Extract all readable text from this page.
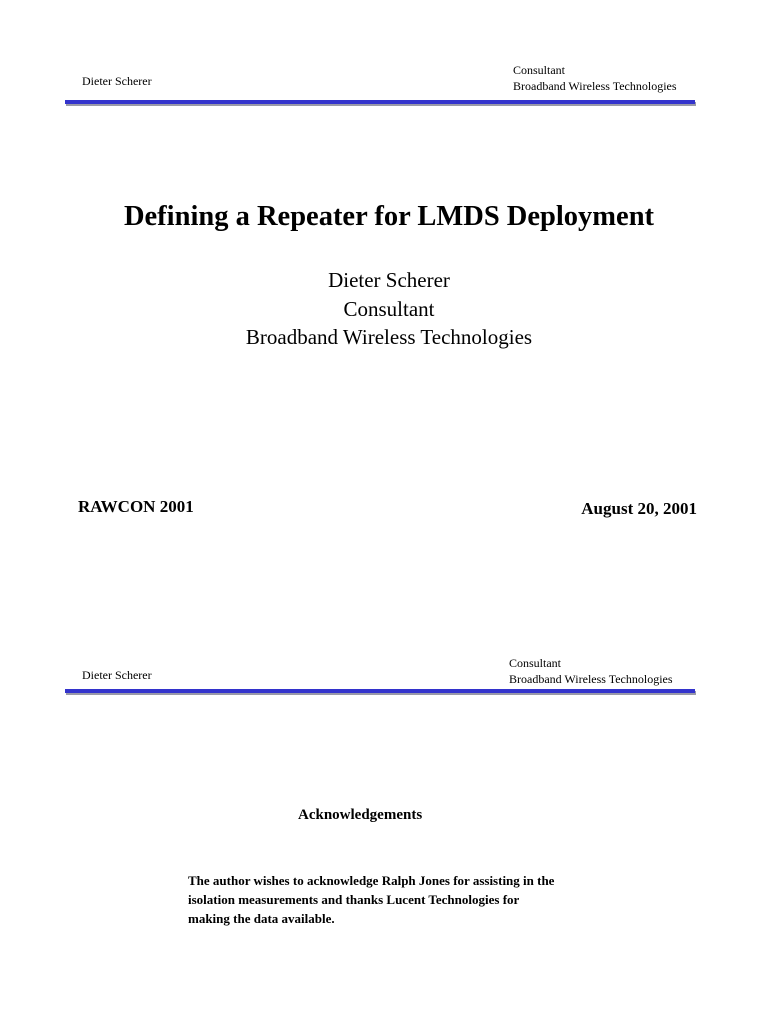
Dieter Scherer
Consultant
Broadband Wireless Technologies
Defining a Repeater for LMDS Deployment
Dieter Scherer
Consultant
Broadband Wireless Technologies
RAWCON 2001	August 20, 2001
Dieter Scherer
Consultant
Broadband Wireless Technologies
Acknowledgements
The author wishes to acknowledge Ralph Jones for assisting in the
isolation measurements and thanks Lucent Technologies for
making the data available.
